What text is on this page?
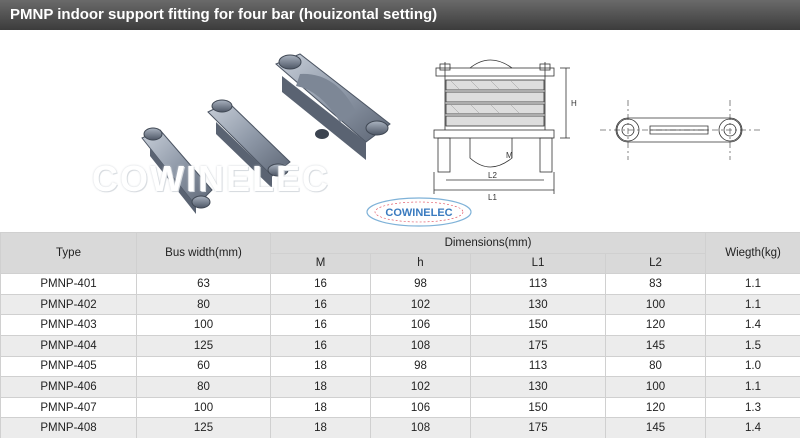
PMNP indoor support fitting for four bar (houizontal setting)
COWINELEC
H
M
L2
L1
COWINELEC
Type	Bus width(mm)	Dimensions(mm)				Wiegth(kg)
		M	h	L1	L2	
PMNP-401	63	16	98	113	83	1.1
PMNP-402	80	16	102	130	100	1.1
PMNP-403	100	16	106	150	120	1.4
PMNP-404	125	16	108	175	145	1.5
PMNP-405	60	18	98	113	80	1.0
PMNP-406	80	18	102	130	100	1.1
PMNP-407	100	18	106	150	120	1.3
PMNP-408	125	18	108	175	145	1.4
